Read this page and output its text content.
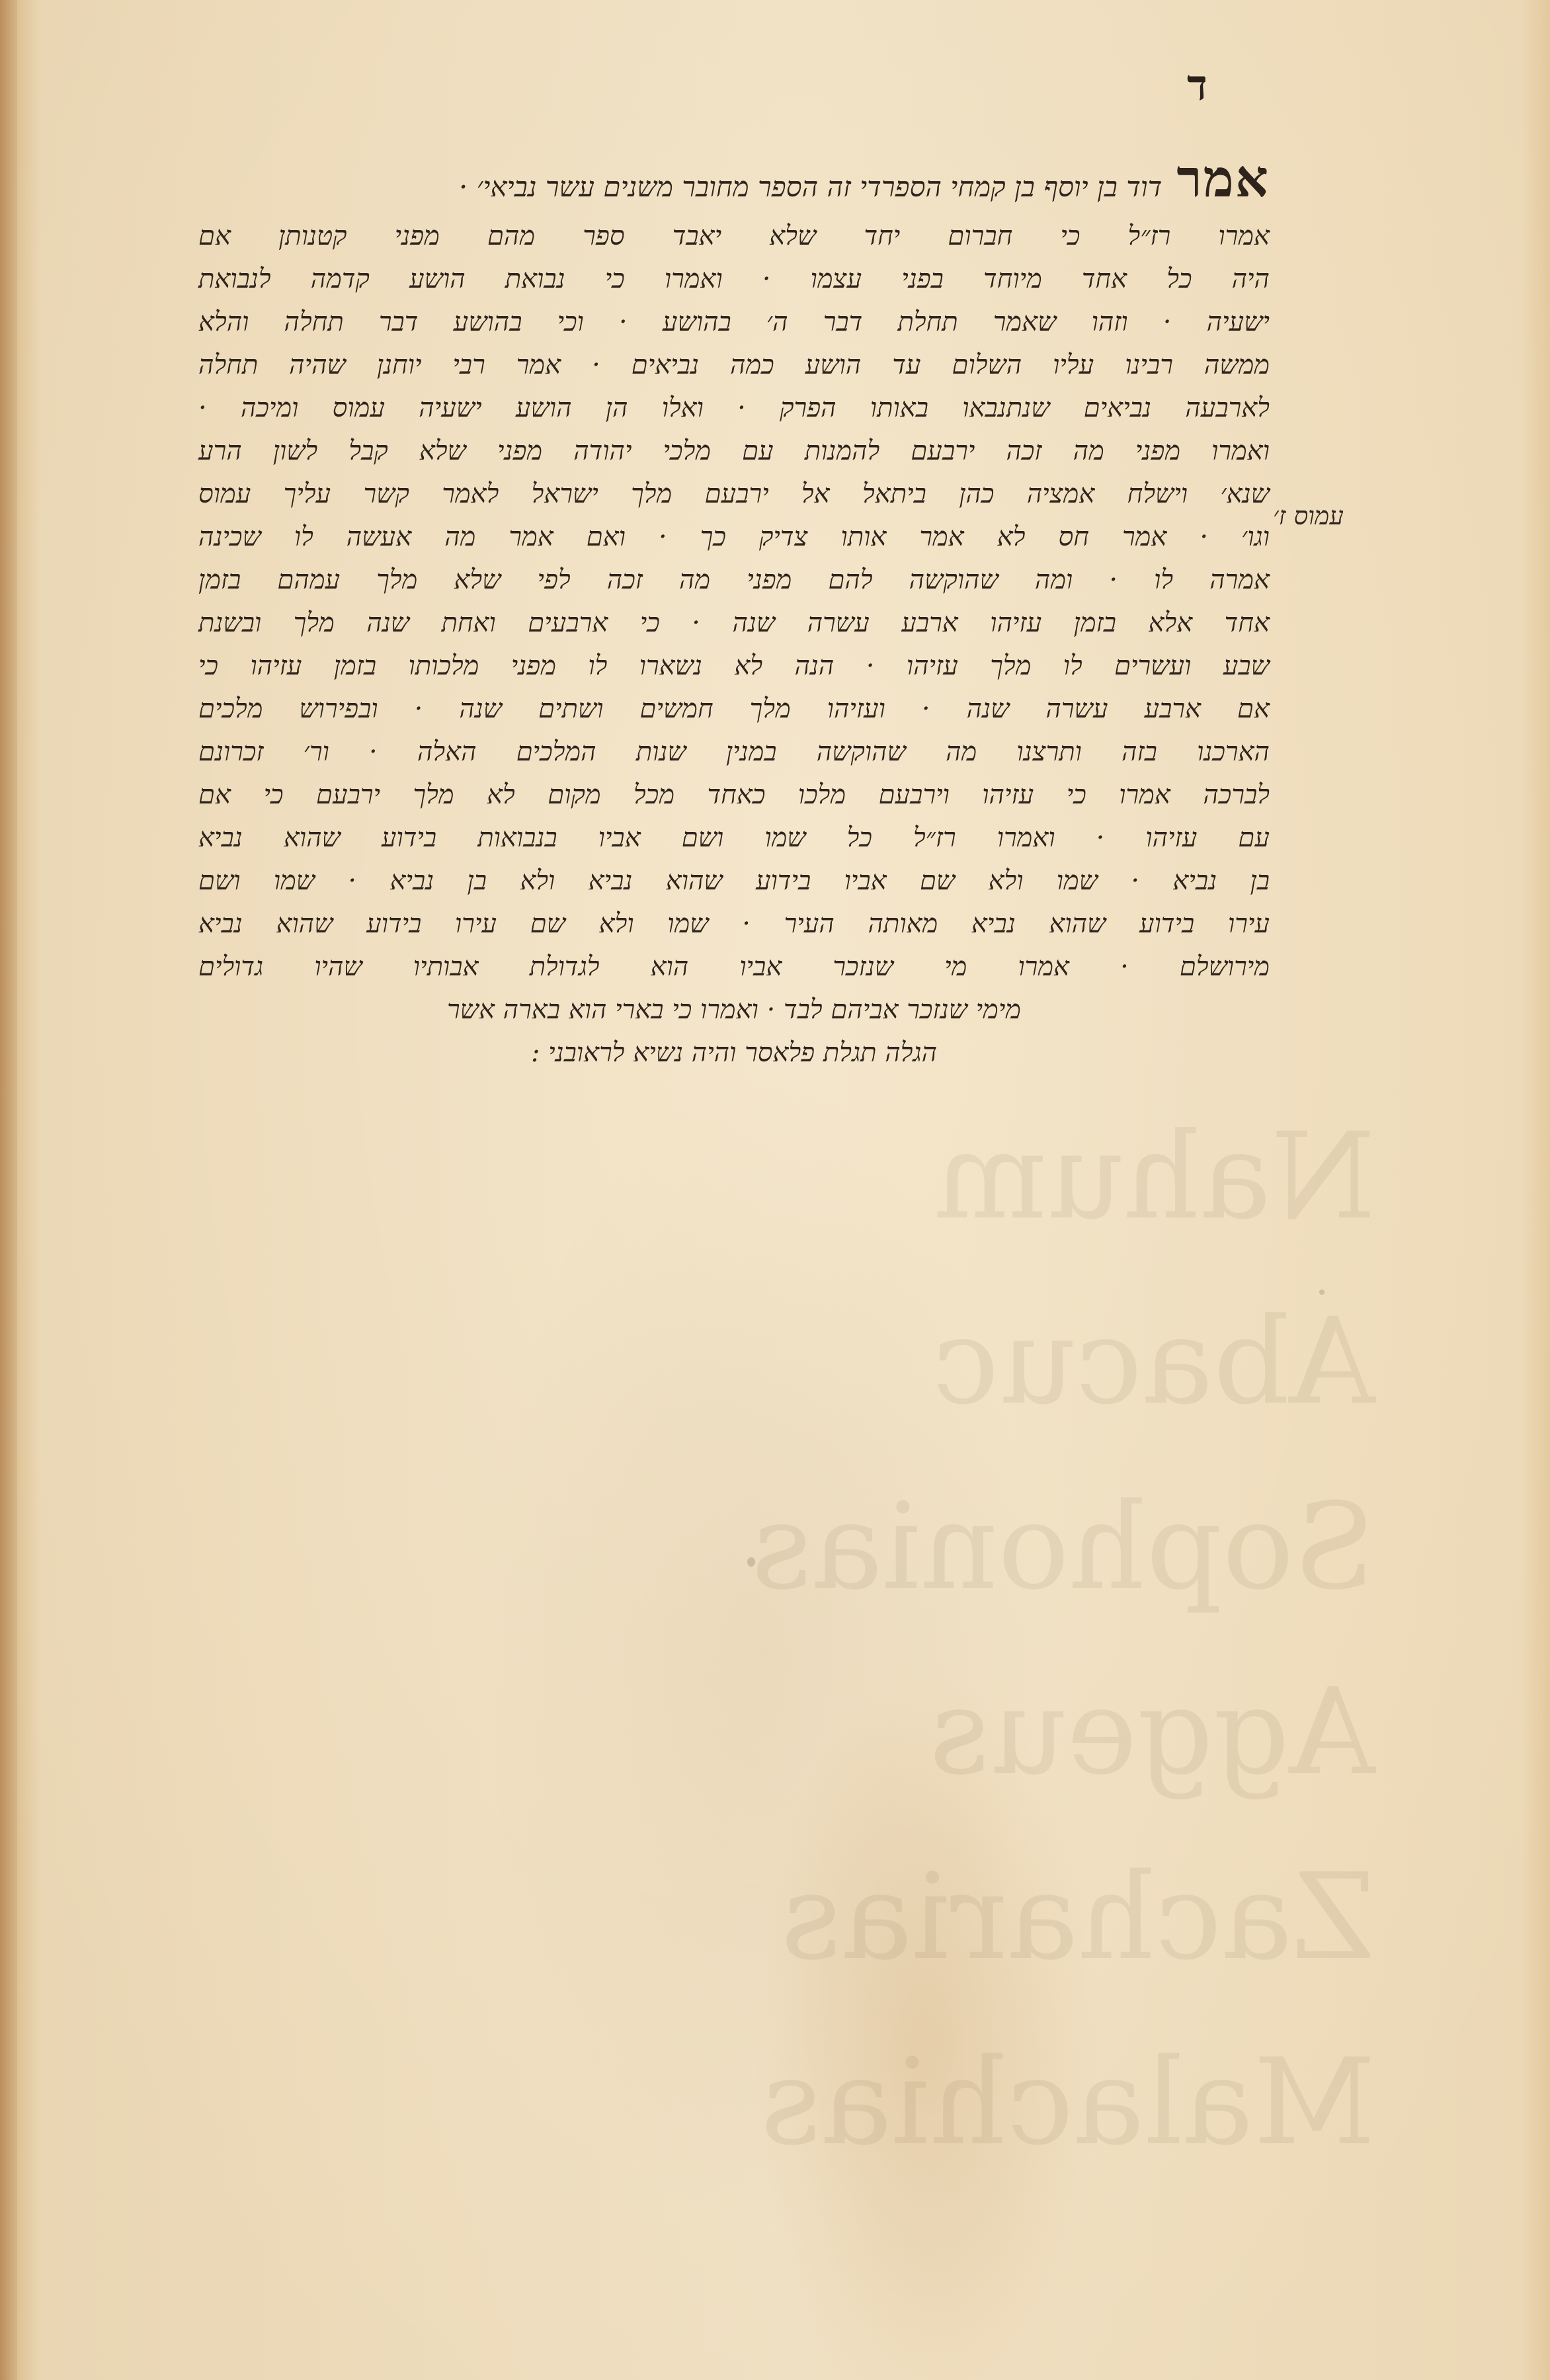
Nahum
Abacuc
Sophonias
Aggeus
Zacharias
Malachias
ד
אמר
דוד בן יוסף בן קמחי הספרדי זה הספר מחובר משנים עשר נביאי׳ ·
אמרו רז״ל כי חברום יחד שלא יאבד ספר מהם מפני קטנותן אם
היה כל אחד מיוחד בפני עצמו · ואמרו כי נבואת הושע קדמה לנבואת
ישעיה · וזהו שאמר תחלת דבר ה׳ בהושע · וכי בהושע דבר תחלה והלא
ממשה רבינו עליו השלום עד הושע כמה נביאים · אמר רבי יוחנן שהיה תחלה
לארבעה נביאים שנתנבאו באותו הפרק · ואלו הן הושע ישעיה עמוס ומיכה ·
ואמרו מפני מה זכה ירבעם להמנות עם מלכי יהודה מפני שלא קבל לשון הרע
שנא׳ וישלח אמציה כהן ביתאל אל ירבעם מלך ישראל לאמר קשר עליך עמוס
וגו׳ · אמר חס לא אמר אותו צדיק כך · ואם אמר מה אעשה לו שכינה
אמרה לו · ומה שהוקשה להם מפני מה זכה לפי שלא מלך עמהם בזמן
אחד אלא בזמן עזיהו ארבע עשרה שנה · כי ארבעים ואחת שנה מלך ובשנת
שבע ועשרים לו מלך עזיהו · הנה לא נשארו לו מפני מלכותו בזמן עזיהו כי
אם ארבע עשרה שנה · ועזיהו מלך חמשים ושתים שנה · ובפירוש מלכים
הארכנו בזה ותרצנו מה שהוקשה במנין שנות המלכים האלה · ור׳ זכרונם
לברכה אמרו כי עזיהו וירבעם מלכו כאחד מכל מקום לא מלך ירבעם כי אם
עם עזיהו · ואמרו רז״ל כל שמו ושם אביו בנבואות בידוע שהוא נביא
בן נביא · שמו ולא שם אביו בידוע שהוא נביא ולא בן נביא · שמו ושם
עירו בידוע שהוא נביא מאותה העיר · שמו ולא שם עירו בידוע שהוא נביא
מירושלם · אמרו מי שנזכר אביו הוא לגדולת אבותיו שהיו גדולים
מימי שנזכר אביהם לבד · ואמרו כי בארי הוא בארה אשר
הגלה תגלת פלאסר והיה נשיא לראובני :
עמוס ז׳
